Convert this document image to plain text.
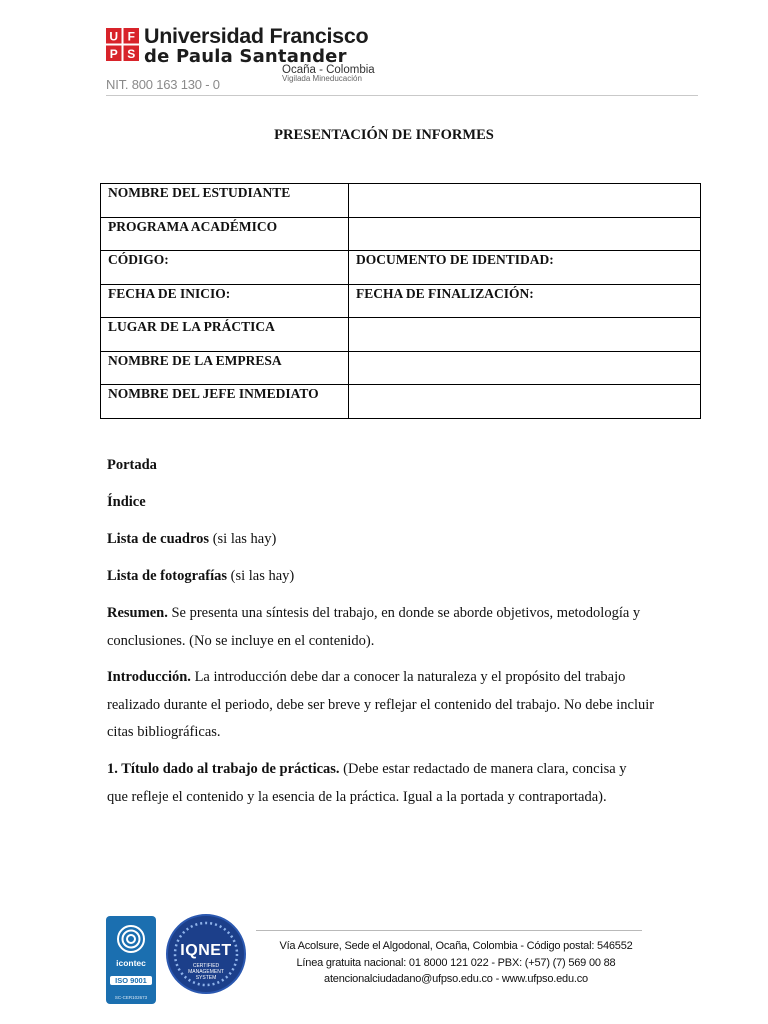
U F
P S
Universidad Francisco
de Paula Santander
Ocaña - Colombia
Vigilada Mineducación
NIT. 800 163 130 - 0
PRESENTACIÓN DE INFORMES
NOMBRE DEL ESTUDIANTE	
PROGRAMA ACADÉMICO	
CÓDIGO:	DOCUMENTO DE IDENTIDAD:
FECHA DE INICIO:	FECHA DE FINALIZACIÓN:
LUGAR DE LA PRÁCTICA	
NOMBRE DE LA EMPRESA	
NOMBRE DEL JEFE INMEDIATO	

Portada

Índice

Lista de cuadros (si las hay)

Lista de fotografías (si las hay)

Resumen. Se presenta una síntesis del trabajo, en donde se aborde objetivos, metodología y

conclusiones. (No se incluye en el contenido).

Introducción. La introducción debe dar a conocer la naturaleza y el propósito del trabajo

realizado durante el periodo, debe ser breve y reflejar el contenido del trabajo. No debe incluir

citas bibliográficas.

1. Título dado al trabajo de prácticas. (Debe estar redactado de manera clara, concisa y

que refleje el contenido y la esencia de la práctica. Igual a la portada y contraportada).

icontec
ISO 9001
SC-CER102673
IQNET
CERTIFIED MANAGEMENT SYSTEM
Vía Acolsure, Sede el Algodonal, Ocaña, Colombia - Código postal: 546552
Línea gratuita nacional: 01 8000 121 022 - PBX: (+57) (7) 569 00 88
atencionalciudadano@ufpso.edu.co - www.ufpso.edu.co
